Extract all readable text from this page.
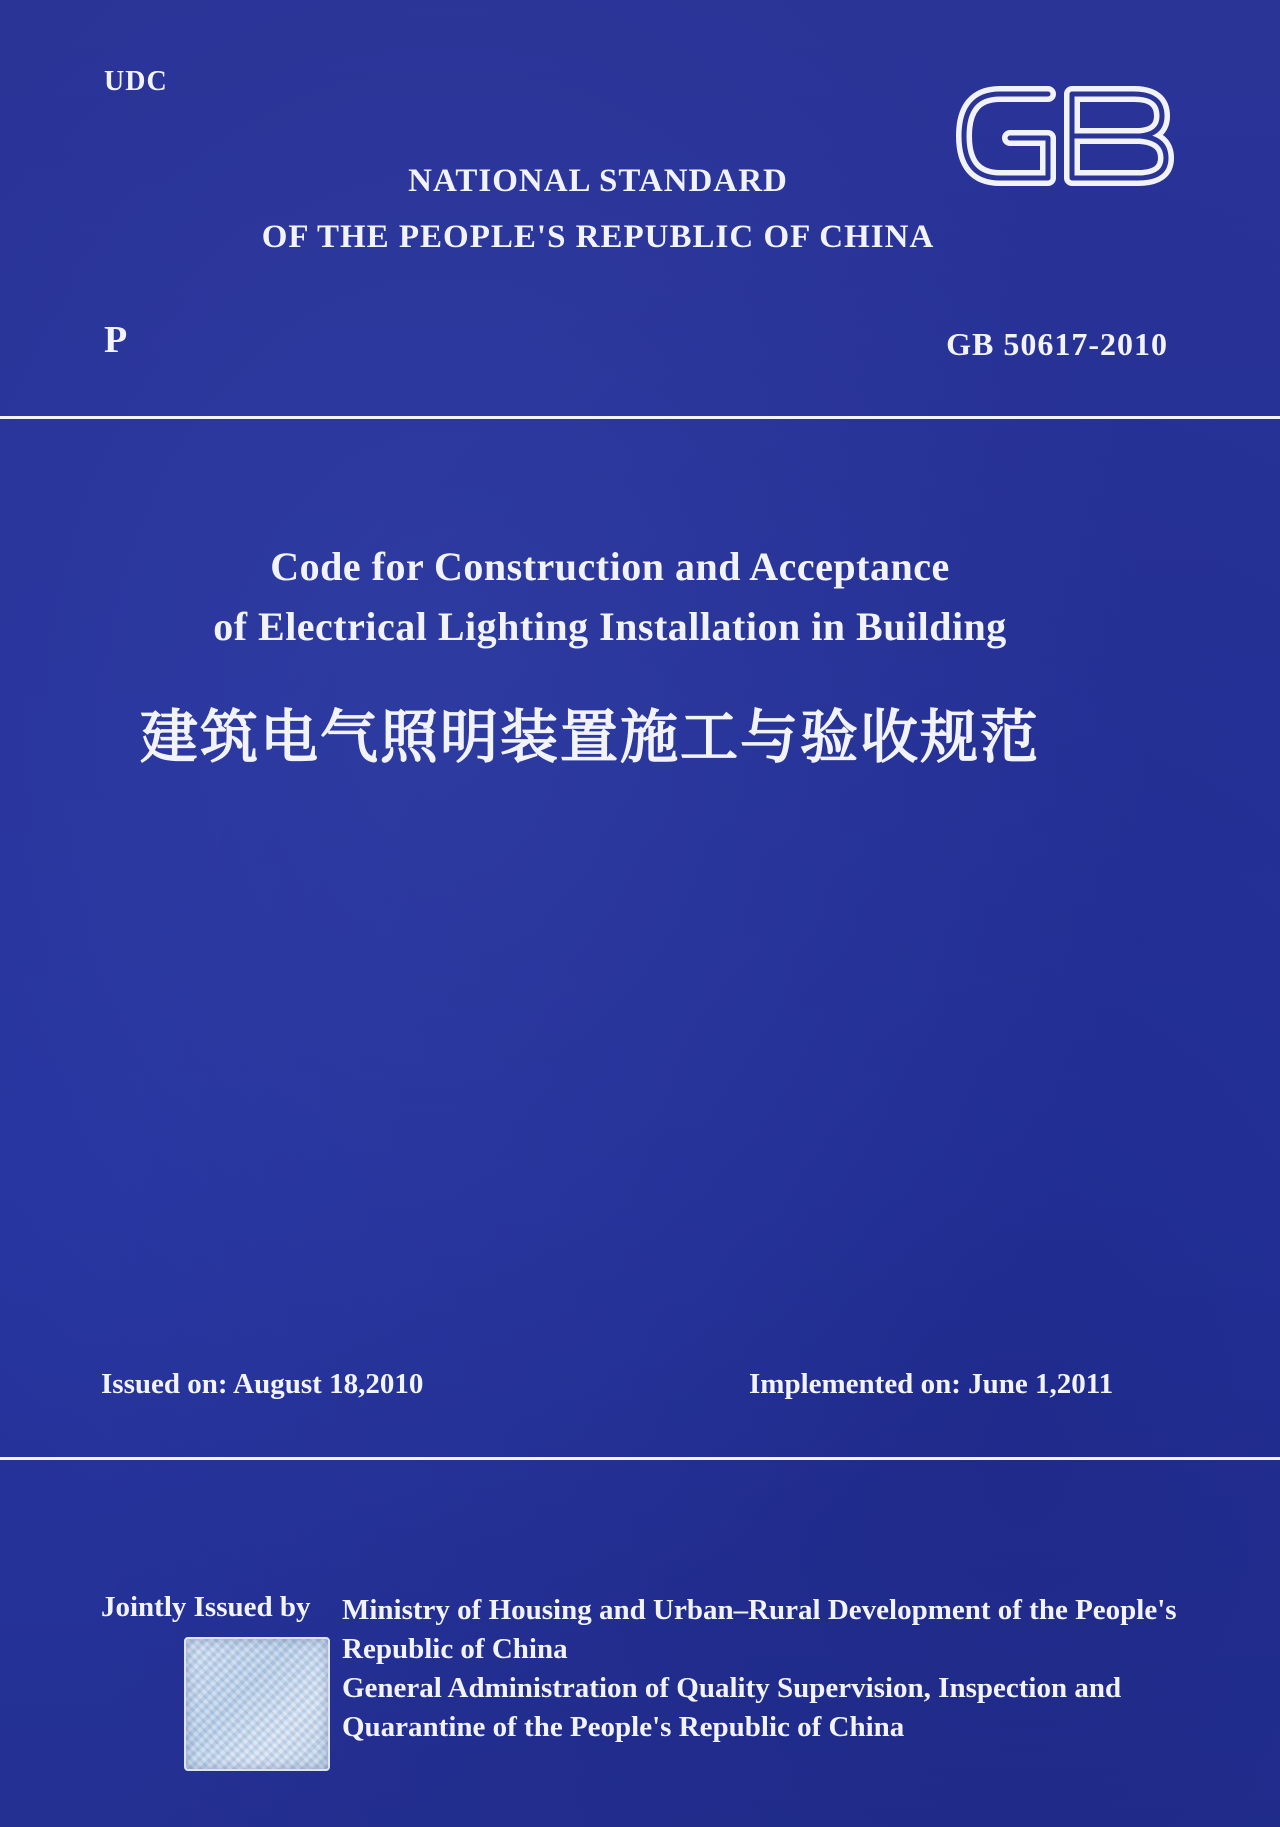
UDC
NATIONAL STANDARD
OF THE PEOPLE'S REPUBLIC OF CHINA
P	GB 50617-2010
Code for Construction and Acceptance
of Electrical Lighting Installation in Building
建筑电气照明装置施工与验收规范
Issued on: August 18,2010	Implemented on: June 1,2011
Jointly Issued by Ministry of Housing and Urban–Rural Development of the People's
Republic of China
General Administration of Quality Supervision, Inspection and
Quarantine of the People's Republic of China
